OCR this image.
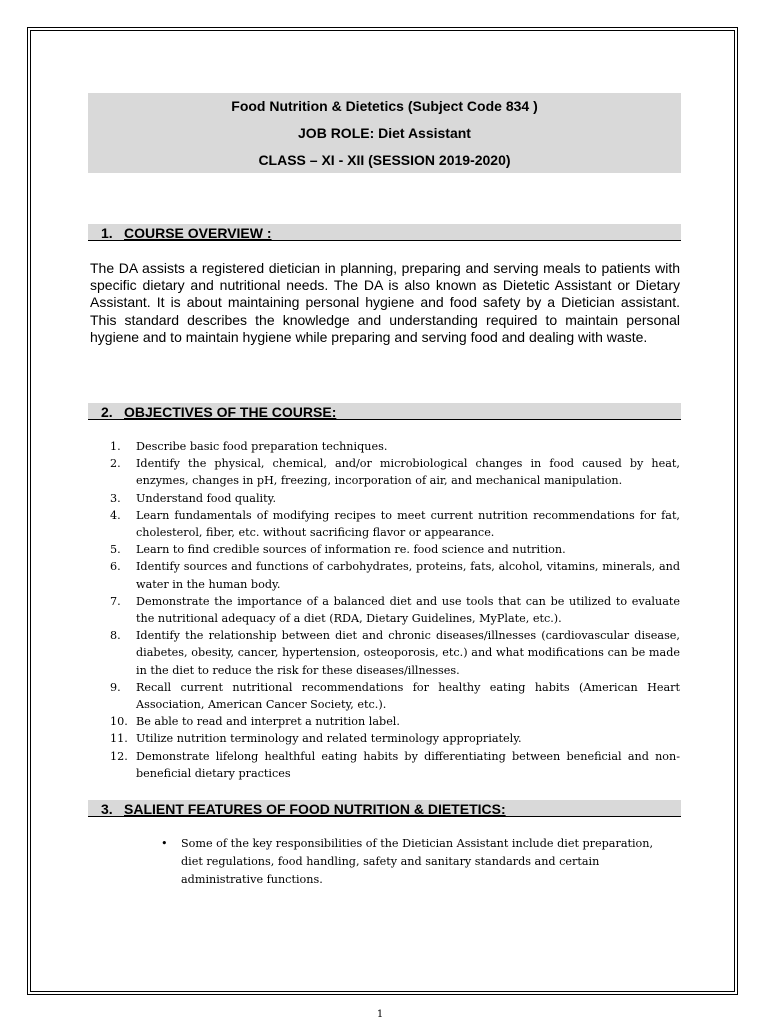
Food Nutrition & Dietetics (Subject Code 834 )
JOB ROLE: Diet Assistant
CLASS – XI - XII (SESSION 2019-2020)
1. COURSE OVERVIEW :
The DA assists a registered dietician in planning, preparing and serving meals to patients with specific dietary and nutritional needs. The DA is also known as Dietetic Assistant or Dietary Assistant. It is about maintaining personal hygiene and food safety by a Dietician assistant. This standard describes the knowledge and understanding required to maintain personal hygiene and to maintain hygiene while preparing and serving food and dealing with waste.
2. OBJECTIVES OF THE COURSE:
1. Describe basic food preparation techniques.
2. Identify the physical, chemical, and/or microbiological changes in food caused by heat, enzymes, changes in pH, freezing, incorporation of air, and mechanical manipulation.
3. Understand food quality.
4. Learn fundamentals of modifying recipes to meet current nutrition recommendations for fat, cholesterol, fiber, etc. without sacrificing flavor or appearance.
5. Learn to find credible sources of information re. food science and nutrition.
6. Identify sources and functions of carbohydrates, proteins, fats, alcohol, vitamins, minerals, and water in the human body.
7. Demonstrate the importance of a balanced diet and use tools that can be utilized to evaluate the nutritional adequacy of a diet (RDA, Dietary Guidelines, MyPlate, etc.).
8. Identify the relationship between diet and chronic diseases/illnesses (cardiovascular disease, diabetes, obesity, cancer, hypertension, osteoporosis, etc.) and what modifications can be made in the diet to reduce the risk for these diseases/illnesses.
9. Recall current nutritional recommendations for healthy eating habits (American Heart Association, American Cancer Society, etc.).
10. Be able to read and interpret a nutrition label.
11. Utilize nutrition terminology and related terminology appropriately.
12. Demonstrate lifelong healthful eating habits by differentiating between beneficial and non-beneficial dietary practices
3. SALIENT FEATURES OF FOOD NUTRITION & DIETETICS:
• Some of the key responsibilities of the Dietician Assistant include diet preparation, diet regulations, food handling, safety and sanitary standards and certain administrative functions.
1
